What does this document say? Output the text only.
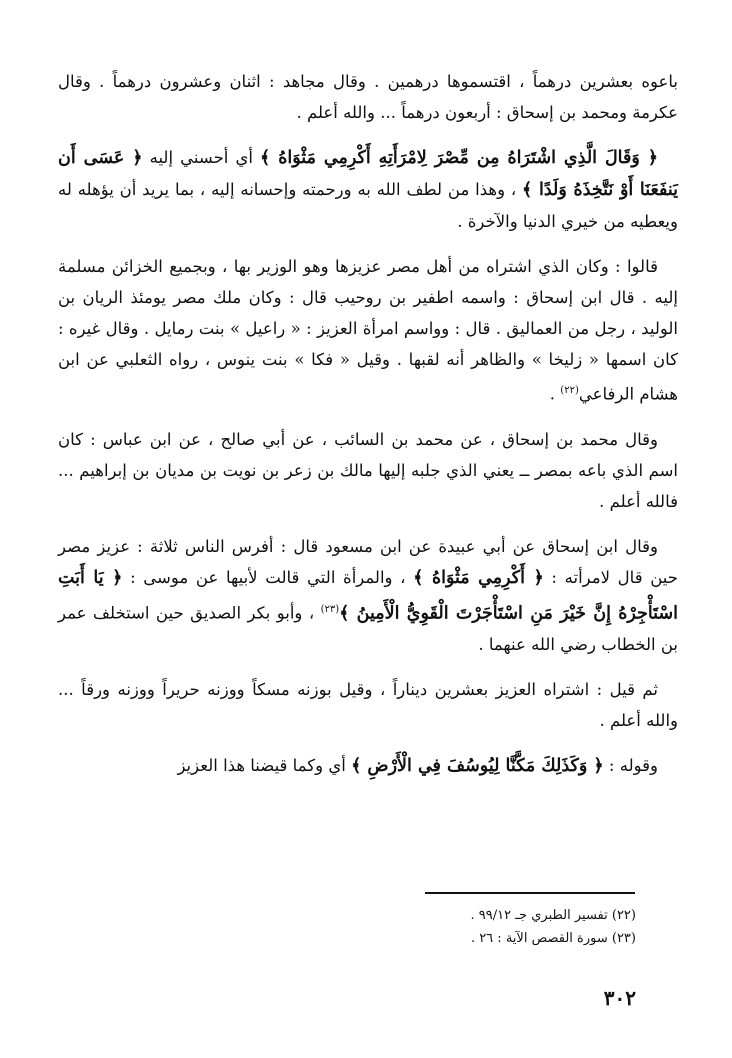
باعوه بعشرين درهماً ، اقتسموها درهمين . وقال مجاهد : اثنان وعشرون درهماً . وقال عكرمة ومحمد بن إسحاق : أربعون درهماً ... والله أعلم .

﴿ وَقَالَ الَّذِي اشْتَرَاهُ مِن مِّصْرَ لِامْرَأَتِهِ أَكْرِمِي مَثْوَاهُ ﴾ أي أحسني إليه ﴿ عَسَى أَن يَنفَعَنَا أَوْ نَتَّخِذَهُ وَلَدًا ﴾ ، وهذا من لطف الله به ورحمته وإحسانه إليه ، بما يريد أن يؤهله له ويعطيه من خيري الدنيا والآخرة .

قالوا : وكان الذي اشتراه من أهل مصر عزيزها وهو الوزير بها ، وبجميع الخزائن مسلمة إليه . قال ابن إسحاق : واسمه اطفير بن روحيب قال : وكان ملك مصر يومئذ الريان بن الوليد ، رجل من العماليق . قال : وواسم امرأة العزيز : « راعيل » بنت رمايل . وقال غيره : كان اسمها « زليخا » والظاهر أنه لقبها . وقيل « فكا » بنت ينوس ، رواه الثعلبي عن ابن هشام الرفاعي$^{(٢٢)}$ .

وقال محمد بن إسحاق ، عن محمد بن السائب ، عن أبي صالح ، عن ابن عباس : كان اسم الذي باعه بمصر ــ يعني الذي جلبه إليها مالك بن زعر بن نويت بن مديان بن إبراهيم ... فالله أعلم .

وقال ابن إسحاق عن أبي عبيدة عن ابن مسعود قال : أفرس الناس ثلاثة : عزيز مصر حين قال لامرأته : ﴿ أَكْرِمِي مَثْوَاهُ ﴾ ، والمرأة التي قالت لأبيها عن موسى : ﴿ يَا أَبَتِ اسْتَأْجِرْهُ إِنَّ خَيْرَ مَنِ اسْتَأْجَرْتَ الْقَوِيُّ الْأَمِينُ ﴾$^{(٢٣)}$ ، وأبو بكر الصديق حين استخلف عمر بن الخطاب رضي الله عنهما .

ثم قيل : اشتراه العزيز بعشرين ديناراً ، وقيل بوزنه مسكاً ووزنه حريراً ووزنه ورقاً ... والله أعلم .

وقوله : ﴿ وَكَذَلِكَ مَكَّنَّا لِيُوسُفَ فِي الْأَرْضِ ﴾ أي وكما قيضنا هذا العزيز

(٢٢) تفسير الطبري جـ ٩٩/١٢ .
(٢٣) سورة القصص الآية : ٢٦ .
٣٠٢
